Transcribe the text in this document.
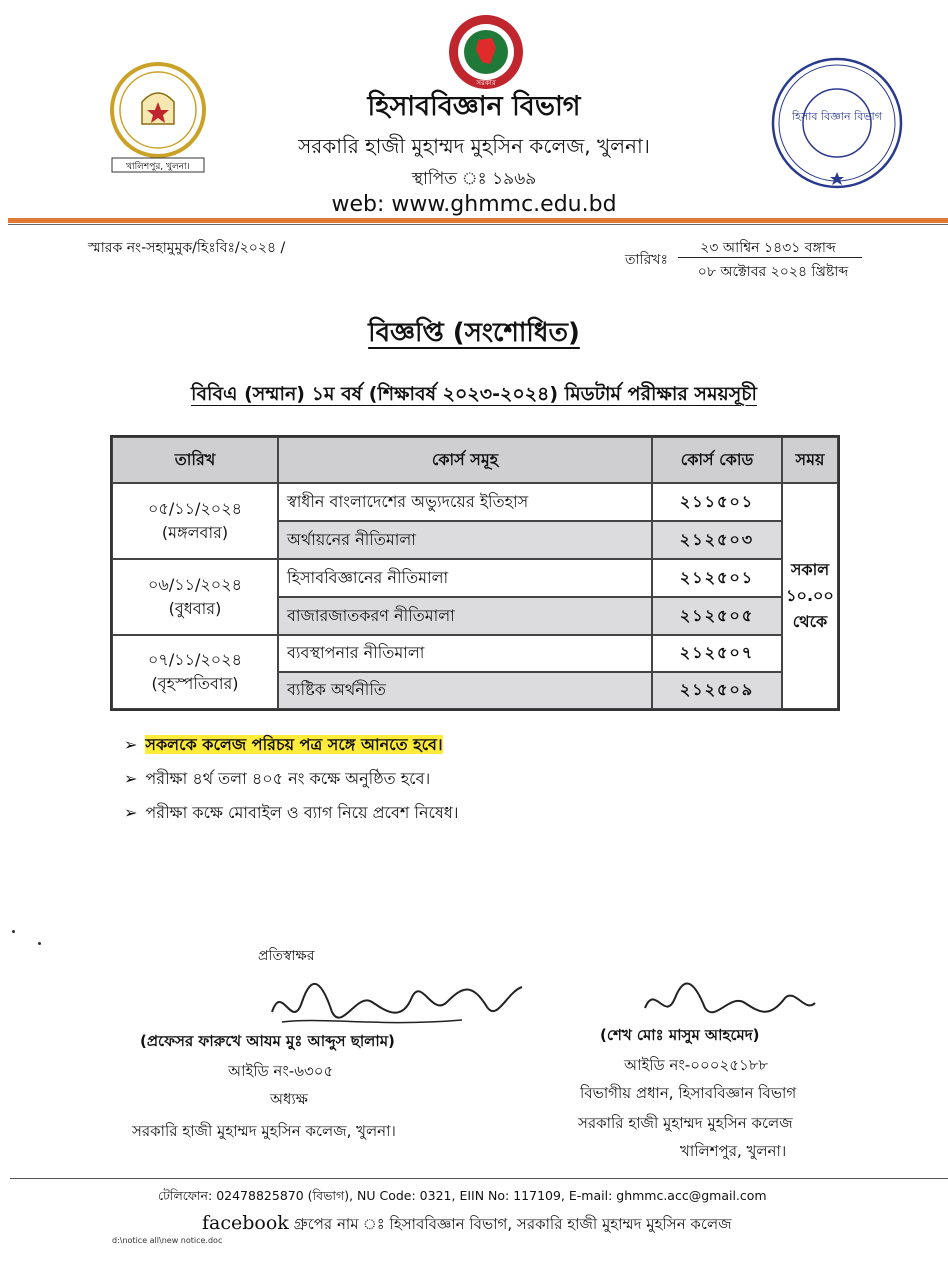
খালিশপুর, খুলনা।
সরকার
হিসাব বিজ্ঞান বিভাগ
হিসাববিজ্ঞান বিভাগ
সরকারি হাজী মুহাম্মদ মুহসিন কলেজ, খুলনা।
স্থাপিত ঃ ১৯৬৯
web: www.ghmmc.edu.bd
স্মারক নং-সহামুমুক/হিঃবিঃ/২০২৪ /
তারিখঃ
২৩ আশ্বিন ১৪৩১ বঙ্গাব্দ
০৮ অক্টোবর ২০২৪ খ্রিষ্টাব্দ
বিজ্ঞপ্তি (সংশোধিত)
বিবিএ (সম্মান) ১ম বর্ষ (শিক্ষাবর্ষ ২০২৩-২০২৪) মিডটার্ম পরীক্ষার সময়সূচী
তারিখ	কোর্স সমূহ	কোর্স কোড	সময়
০৫/১১/২০২৪
(মঙ্গলবার)
স্বাধীন বাংলাদেশের অভ্যুদয়ের ইতিহাস	২১১৫০১
অর্থায়নের নীতিমালা	২১২৫০৩
০৬/১১/২০২৪
(বুধবার)
হিসাববিজ্ঞানের নীতিমালা	২১২৫০১
বাজারজাতকরণ নীতিমালা	২১২৫০৫
০৭/১১/২০২৪
(বৃহস্পতিবার)
ব্যবস্থাপনার নীতিমালা	২১২৫০৭
ব্যষ্টিক অর্থনীতি	২১২৫০৯
সকাল
১০.০০
থেকে
➢ সকলকে কলেজ পরিচয় পত্র সঙ্গে আনতে হবে।
➢ পরীক্ষা ৪র্থ তলা ৪০৫ নং কক্ষে অনুষ্ঠিত হবে।
➢ পরীক্ষা কক্ষে মোবাইল ও ব্যাগ নিয়ে প্রবেশ নিষেধ।
প্রতিস্বাক্ষর
(প্রফেসর ফারুখে আযম মুঃ আব্দুস ছালাম)
আইডি নং-৬৩০৫
অধ্যক্ষ
সরকারি হাজী মুহাম্মদ মুহসিন কলেজ, খুলনা।
(শেখ মোঃ মাসুম আহমেদ)
আইডি নং-০০০২৫১৮৮
বিভাগীয় প্রধান, হিসাববিজ্ঞান বিভাগ
সরকারি হাজী মুহাম্মদ মুহসিন কলেজ
খালিশপুর, খুলনা।
টেলিফোন: 02478825870 (বিভাগ), NU Code: 0321, EIIN No: 117109, E-mail: ghmmc.acc@gmail.com
facebook গ্রুপের নাম ঃ হিসাববিজ্ঞান বিভাগ, সরকারি হাজী মুহাম্মদ মুহসিন কলেজ
d:\notice all\new notice.doc
